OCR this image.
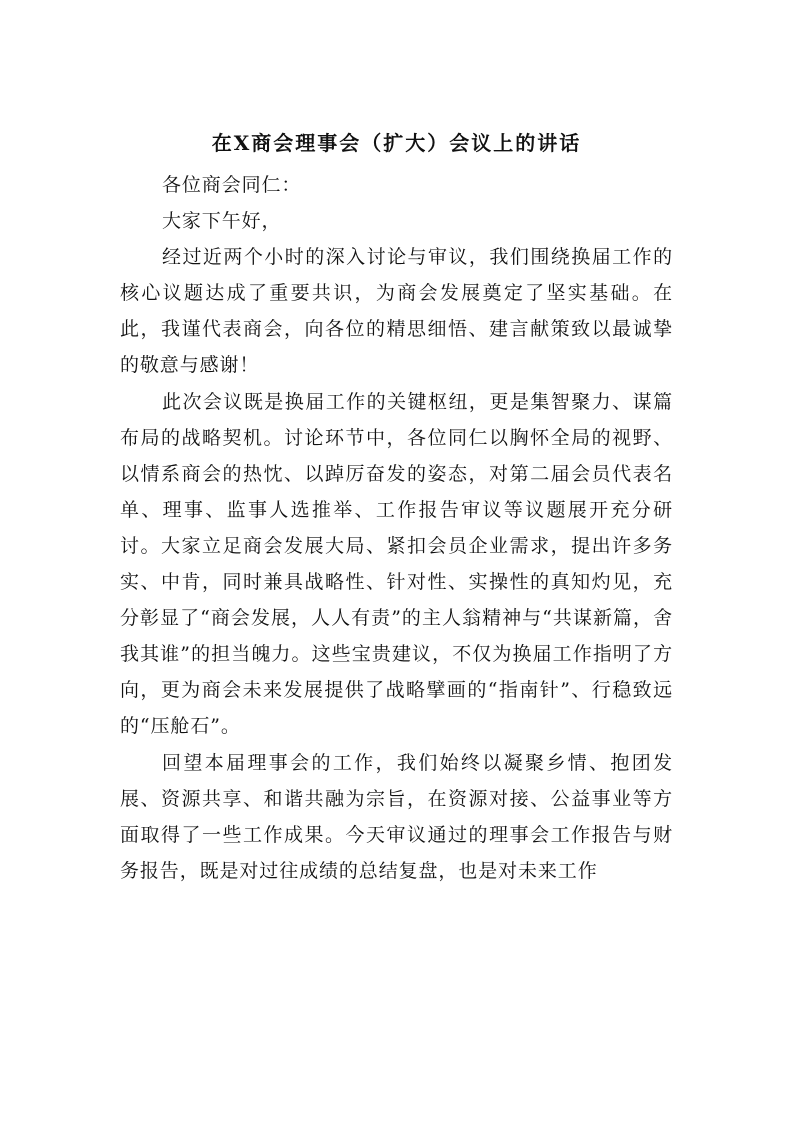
在X商会理事会（扩大）会议上的讲话

各位商会同仁：

大家下午好，

经过近两个小时的深入讨论与审议，我们围绕换届工作的核心议题达成了重要共识，为商会发展奠定了坚实基础。在此，我谨代表商会，向各位的精思细悟、建言献策致以最诚挚的敬意与感谢！

此次会议既是换届工作的关键枢纽，更是集智聚力、谋篇布局的战略契机。讨论环节中，各位同仁以胸怀全局的视野、以情系商会的热忱、以踔厉奋发的姿态，对第二届会员代表名单、理事、监事人选推举、工作报告审议等议题展开充分研讨。大家立足商会发展大局、紧扣会员企业需求，提出许多务实、中肯，同时兼具战略性、针对性、实操性的真知灼见，充分彰显了“商会发展，人人有责”的主人翁精神与“共谋新篇，舍我其谁”的担当魄力。这些宝贵建议，不仅为换届工作指明了方向，更为商会未来发展提供了战略擘画的“指南针”、行稳致远的“压舱石”。

回望本届理事会的工作，我们始终以凝聚乡情、抱团发展、资源共享、和谐共融为宗旨，在资源对接、公益事业等方面取得了一些工作成果。今天审议通过的理事会工作报告与财务报告，既是对过往成绩的总结复盘，也是对未来工作
